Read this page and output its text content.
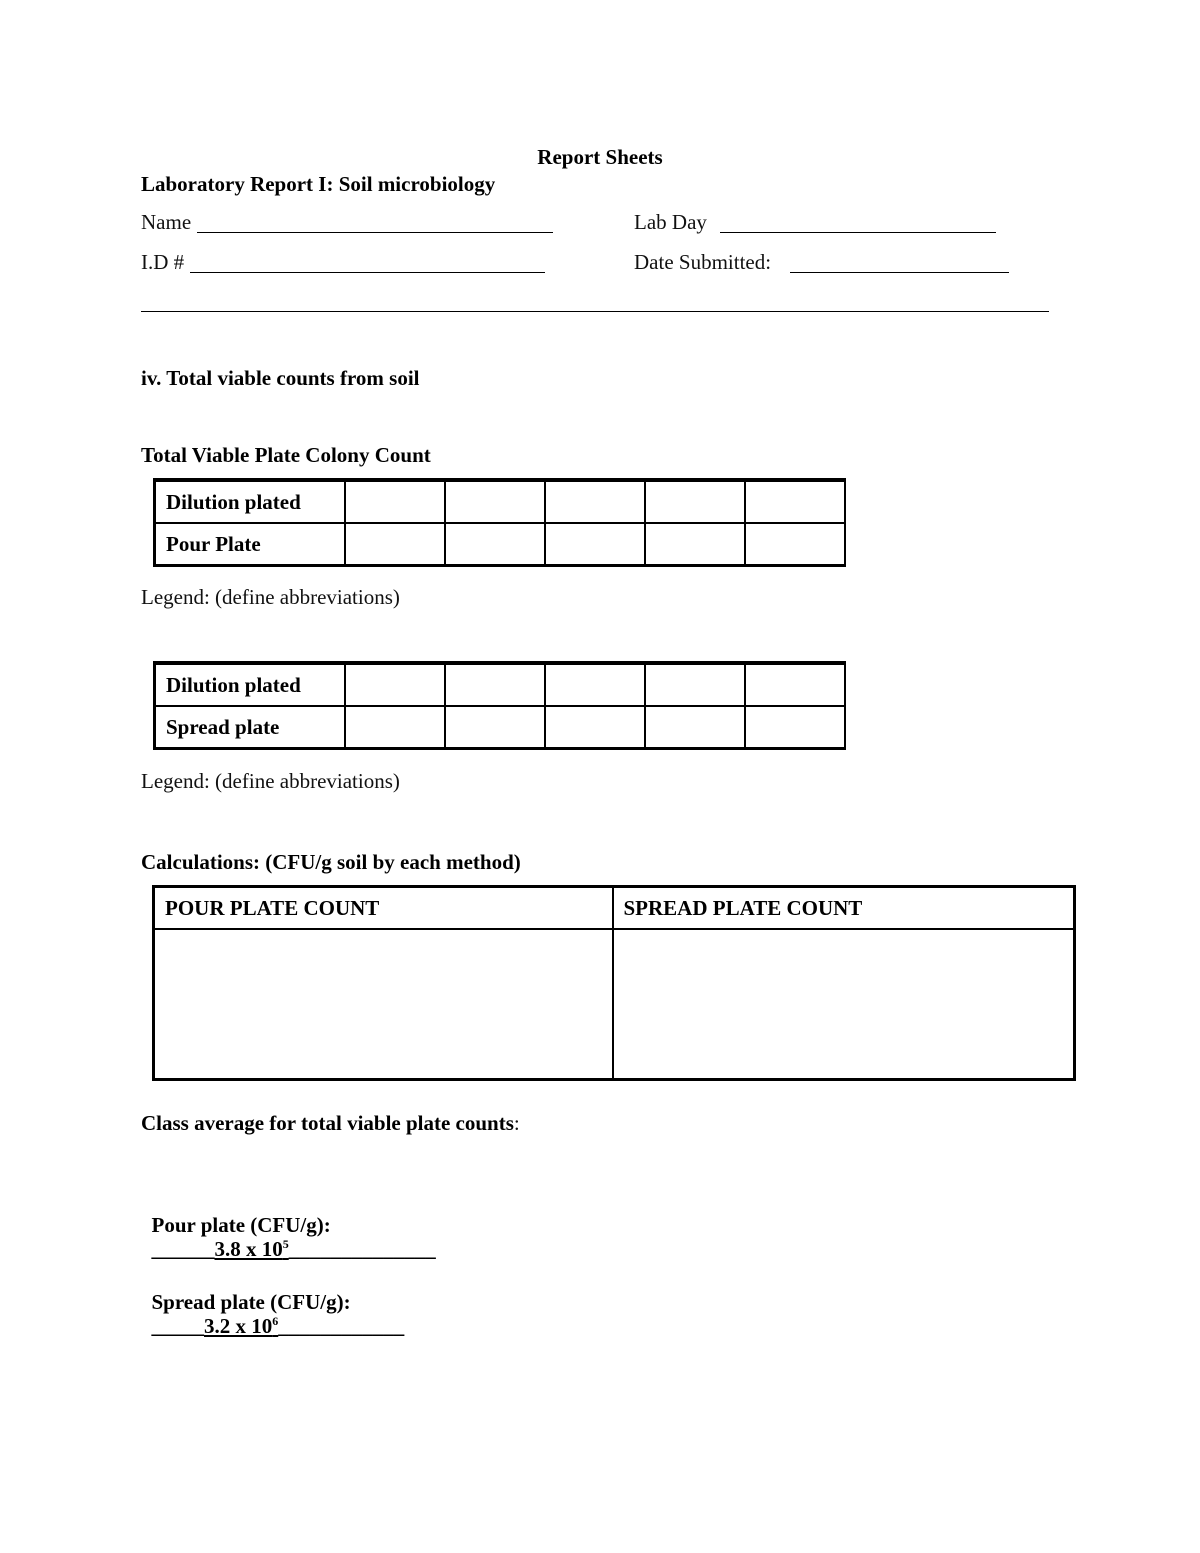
Report Sheets
Laboratory Report I: Soil microbiology
Name	Lab Day
I.D #	Date Submitted:
iv. Total viable counts from soil
Total Viable Plate Colony Count
Dilution plated					
Pour Plate					
Legend: (define abbreviations)
Dilution plated					
Spread plate					
Legend: (define abbreviations)
Calculations: (CFU/g soil by each method)
POUR PLATE COUNT	SPREAD PLATE COUNT

Class average for total viable plate counts:

Pour plate (CFU/g):
______3.8 x $10^5\_\_\_\_\_\_\_\_\_\_\_\_\_\_$

Spread plate (CFU/g):
_____3.2 x $10^6\_\_\_\_\_\_\_\_\_\_\_\_$
